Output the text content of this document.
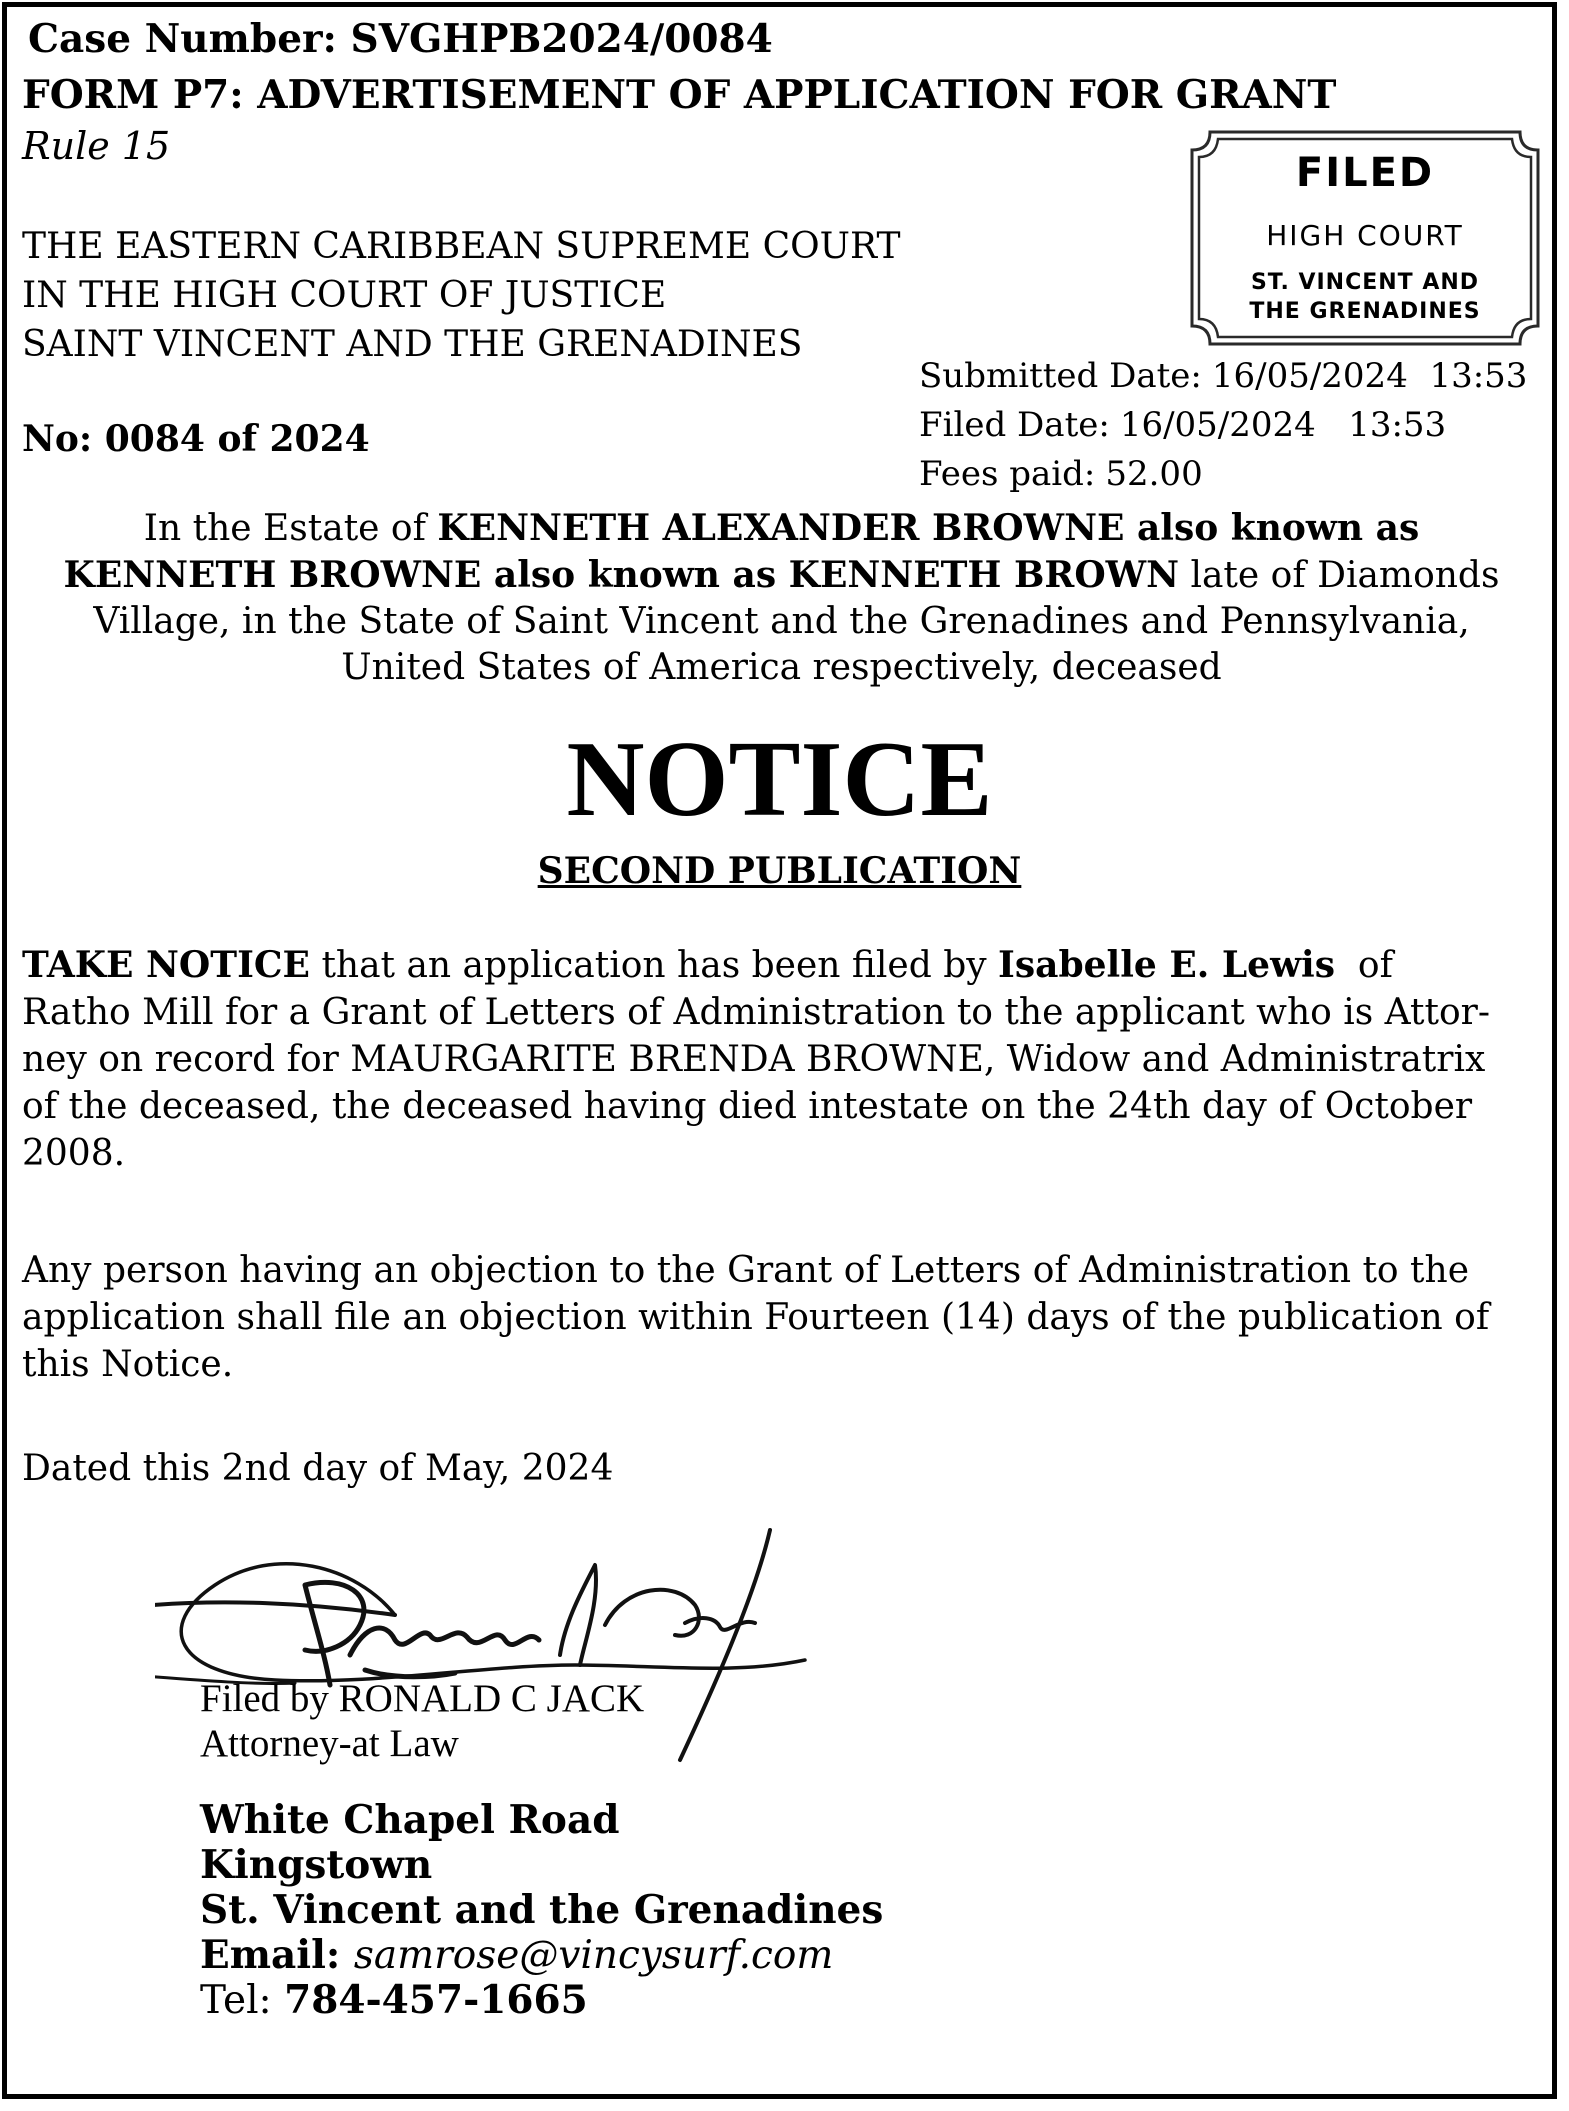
Case Number: SVGHPB2024/0084
FORM P7: ADVERTISEMENT OF APPLICATION FOR GRANT
Rule 15
THE EASTERN CARIBBEAN SUPREME COURT
IN THE HIGH COURT OF JUSTICE
SAINT VINCENT AND THE GRENADINES
No: 0084 of 2024
FILED
HIGH COURT
ST. VINCENT AND
THE GRENADINES
Submitted Date: 16/05/2024  13:53
Filed Date: 16/05/2024   13:53
Fees paid: 52.00
In the Estate of KENNETH ALEXANDER BROWNE also known as
KENNETH BROWNE also known as KENNETH BROWN late of Diamonds
Village, in the State of Saint Vincent and the Grenadines and Pennsylvania,
United States of America respectively, deceased
NOTICE
SECOND PUBLICATION
TAKE NOTICE that an application has been filed by Isabelle E. Lewis  of
Ratho Mill for a Grant of Letters of Administration to the applicant who is Attor-
ney on record for MAURGARITE BRENDA BROWNE, Widow and Administratrix
of the deceased, the deceased having died intestate on the 24th day of October
2008.
Any person having an objection to the Grant of Letters of Administration to the
application shall file an objection within Fourteen (14) days of the publication of
this Notice.
Dated this 2nd day of May, 2024
Filed by RONALD C JACK
Attorney-at Law
White Chapel Road
Kingstown
St. Vincent and the Grenadines
Email: samrose@vincysurf.com
Tel: 784-457-1665
